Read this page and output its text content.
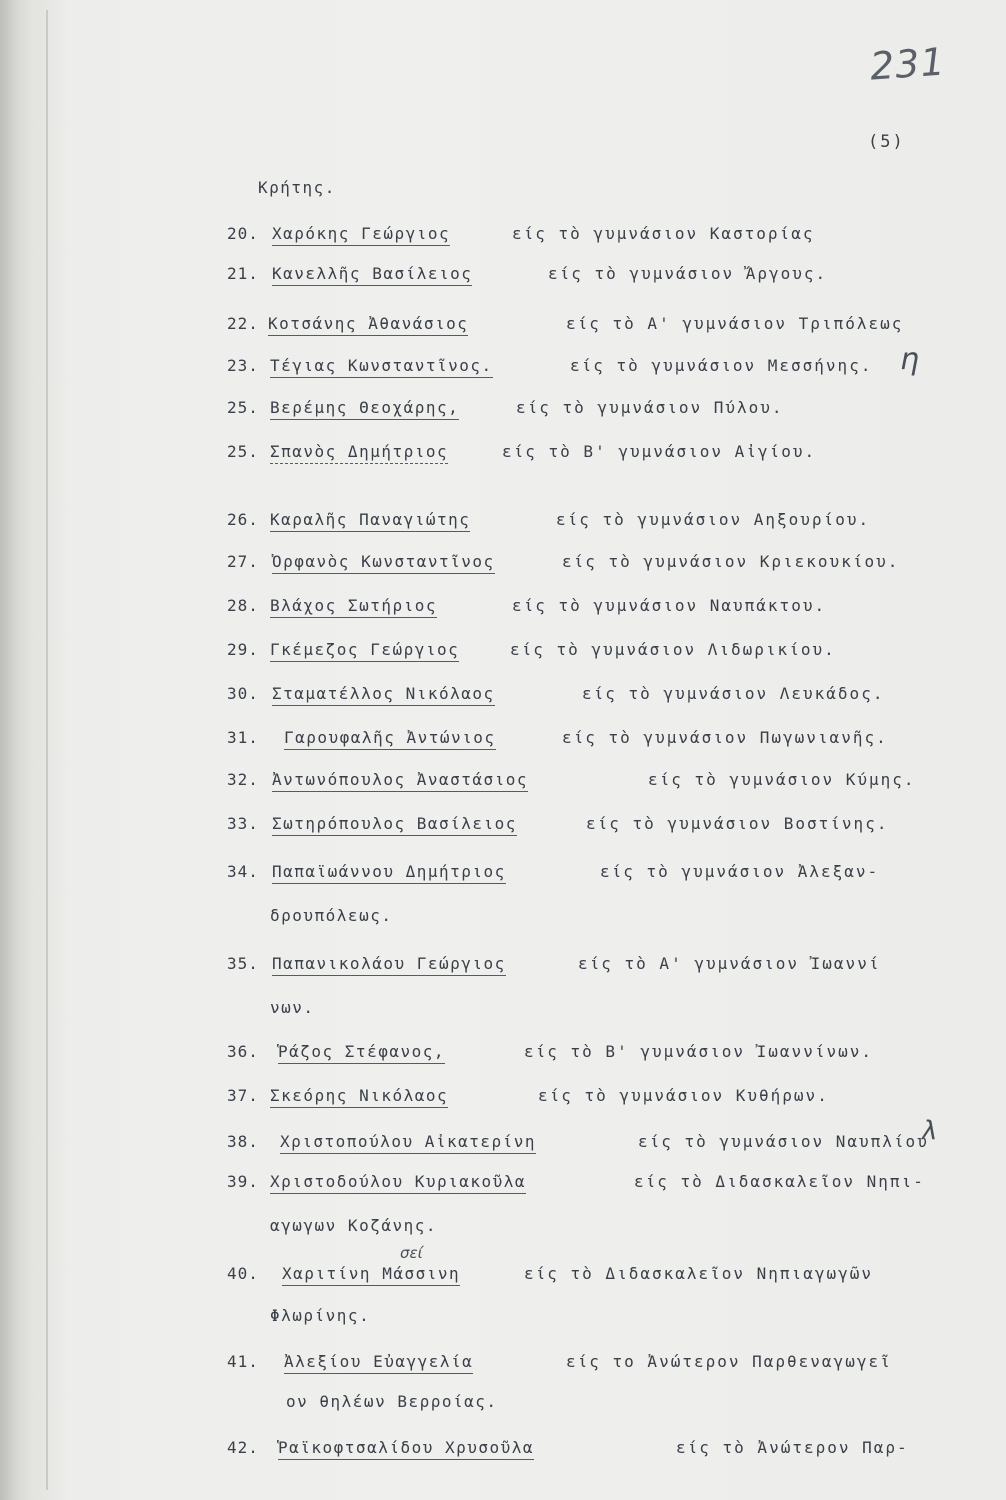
231
(5)
Κρήτης.
20. Χαρόκης Γεώργιος	είς τὸ γυμνάσιον Καστορίας
21. Κανελλῆς Βασίλειος	είς τὸ γυμνάσιον Ἄργους.
22. Κοτσάνης Ἀθανάσιος	είς τὸ Α' γυμνάσιον Τριπόλεως
23. Τέγιας Κωνσταντῖνος.	είς τὸ γυμνάσιον Μεσσήνης. η
25. Βερέμης Θεοχάρης,	είς τὸ γυμνάσιον Πύλου.
25. Σπανὸς Δημήτριος	είς τὸ Β' γυμνάσιον Αἰγίου.
26. Καραλῆς Παναγιώτης	είς τὸ γυμνάσιον Αηξουρίου.
27. Ὀρφανὸς Κωνσταντῖνος	είς τὸ γυμνάσιον Κριεκουκίου.
28. Βλάχος Σωτήριος	είς τὸ γυμνάσιον Ναυπάκτου.
29. Γκέμεζος Γεώργιος	είς τὸ γυμνάσιον Λιδωρικίου.
30. Σταματέλλος Νικόλαος	είς τὸ γυμνάσιον Λευκάδος.
31. Γαρουφαλῆς Ἀντώνιος	είς τὸ γυμνάσιον Πωγωνιανῆς.
32. Ἀντωνόπουλος Ἀναστάσιος	είς τὸ γυμνάσιον Κύμης.
33. Σωτηρόπουλος Βασίλειος	είς τὸ γυμνάσιον Βοστίνης.
34. Παπαϊωάννου Δημήτριος	είς τὸ γυμνάσιον Ἀλεξαν-
δρουπόλεως.
35. Παπανικολάου Γεώργιος	είς τὸ Α' γυμνάσιον Ἰωαννί
νων.
36. Ῥάζος Στέφανος,	είς τὸ Β' γυμνάσιον Ἰωαννίνων.
37. Σκεόρης Νικόλαος	είς τὸ γυμνάσιον Κυθήρων.
38. Χριστοπούλου Αἰκατερίνη	είς τὸ γυμνάσιον Ναυπλίου
λ
39. Χριστοδούλου Κυριακοῦλα	είς τὸ Διδασκαλεῖον Νηπι-
αγωγων Κοζάνης.
σεί
40. Χαριτίνη Μάσσινη	είς τὸ Διδασκαλεῖον Νηπιαγωγῶν
Φλωρίνης.
41. Ἀλεξίου Εὐαγγελία	είς το Ἀνώτερον Παρθεναγωγεῖ
ον θηλέων Βερροίας.
42. Ῥαϊκοφτσαλίδου Χρυσοῦλα	είς τὸ Ἀνώτερον Παρ-
